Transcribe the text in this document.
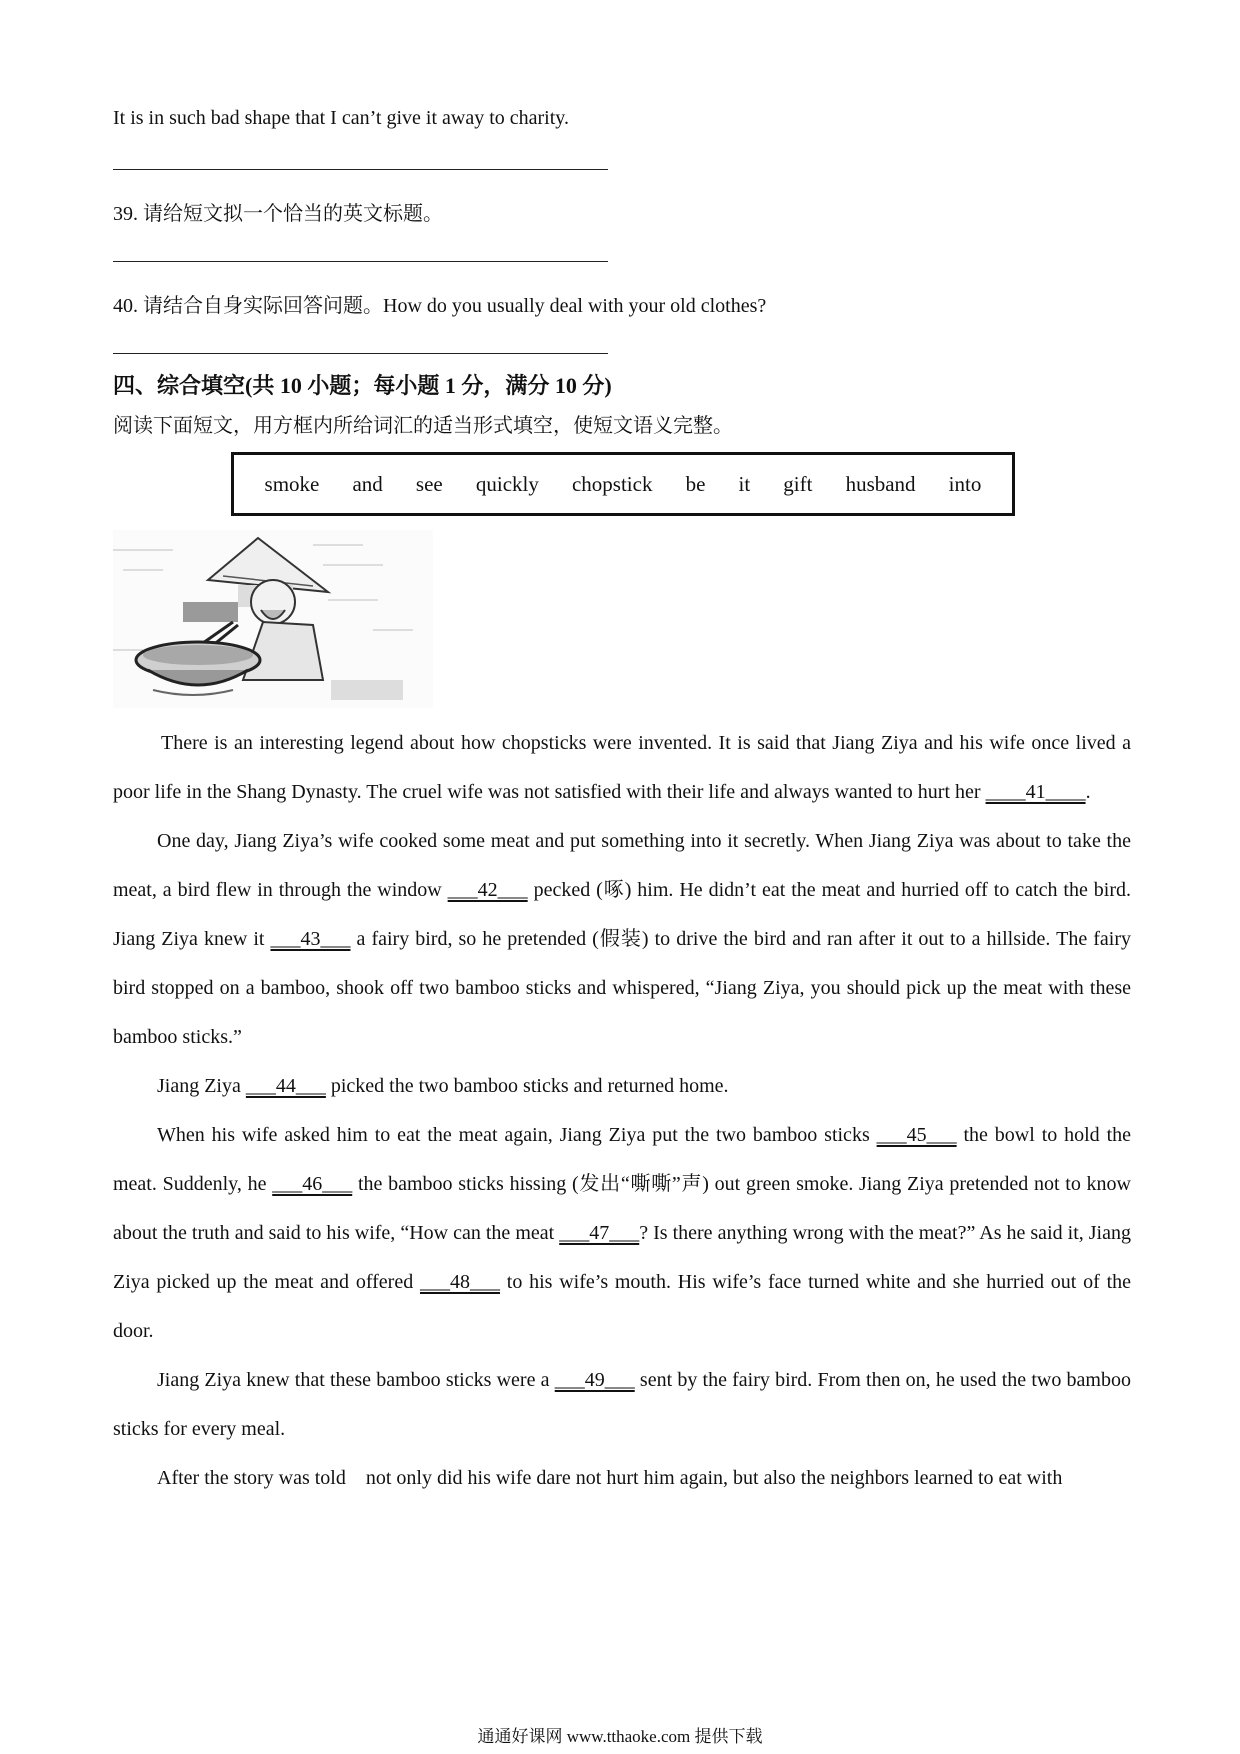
It is in such bad shape that I can’t give it away to charity.
39. 请给短文拟一个恰当的英文标题。
40. 请结合自身实际回答问题。How do you usually deal with your old clothes?
四、综合填空(共 10 小题；每小题 1 分，满分 10 分)
阅读下面短文，用方框内所给词汇的适当形式填空，使短文语义完整。
smoke and see quickly chopstick be it gift husband into
There is an interesting legend about how chopsticks were invented. It is said that Jiang Ziya and his wife once lived a poor life in the Shang Dynasty. The cruel wife was not satisfied with their life and always wanted to hurt her ____41____.
One day, Jiang Ziya’s wife cooked some meat and put something into it secretly. When Jiang Ziya was about to take the meat, a bird flew in through the window ___42___ pecked (啄) him. He didn’t eat the meat and hurried off to catch the bird. Jiang Ziya knew it ___43___ a fairy bird, so he pretended (假装) to drive the bird and ran after it out to a hillside. The fairy bird stopped on a bamboo, shook off two bamboo sticks and whispered, “Jiang Ziya, you should pick up the meat with these bamboo sticks.”
Jiang Ziya ___44___ picked the two bamboo sticks and returned home.
When his wife asked him to eat the meat again, Jiang Ziya put the two bamboo sticks ___45___ the bowl to hold the meat. Suddenly, he ___46___ the bamboo sticks hissing (发出“嘶嘶”声) out green smoke. Jiang Ziya pretended not to know about the truth and said to his wife, “How can the meat ___47___? Is there anything wrong with the meat?” As he said it, Jiang Ziya picked up the meat and offered ___48___ to his wife’s mouth. His wife’s face turned white and she hurried out of the door.
Jiang Ziya knew that these bamboo sticks were a ___49___ sent by the fairy bird. From then on, he used the two bamboo sticks for every meal.
After the story was told　not only did his wife dare not hurt him again, but also the neighbors learned to eat with
通通好课网 www.tthaoke.com 提供下载
